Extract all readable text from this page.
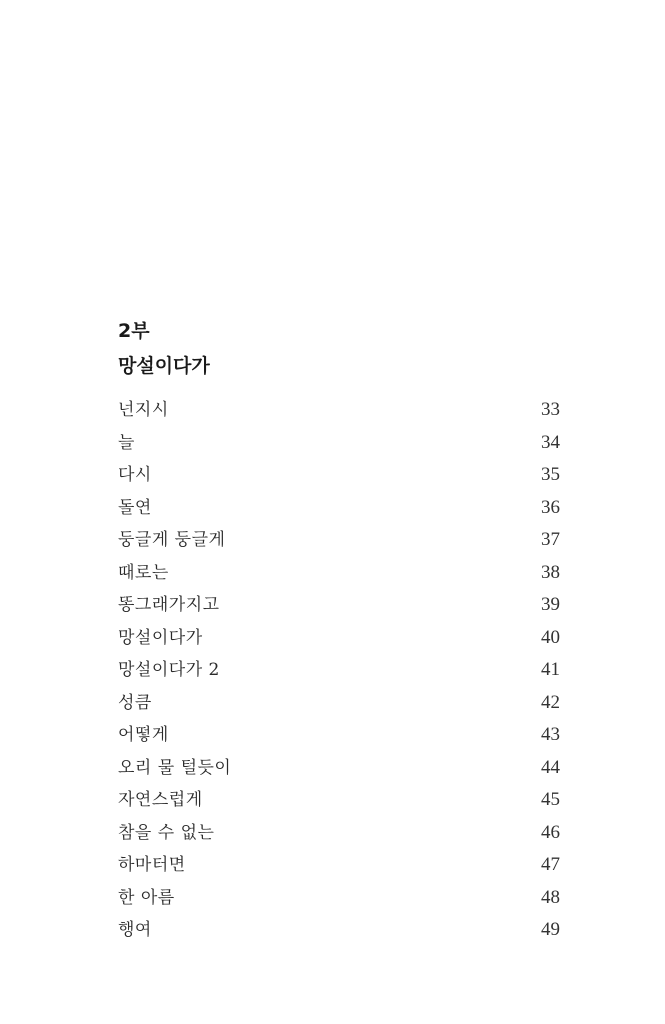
2부
망설이다가
넌지시	33
늘	34
다시	35
돌연	36
둥글게 둥글게	37
때로는	38
똥그래가지고	39
망설이다가	40
망설이다가 2	41
성큼	42
어떻게	43
오리 물 털듯이	44
자연스럽게	45
참을 수 없는	46
하마터면	47
한 아름	48
행여	49
